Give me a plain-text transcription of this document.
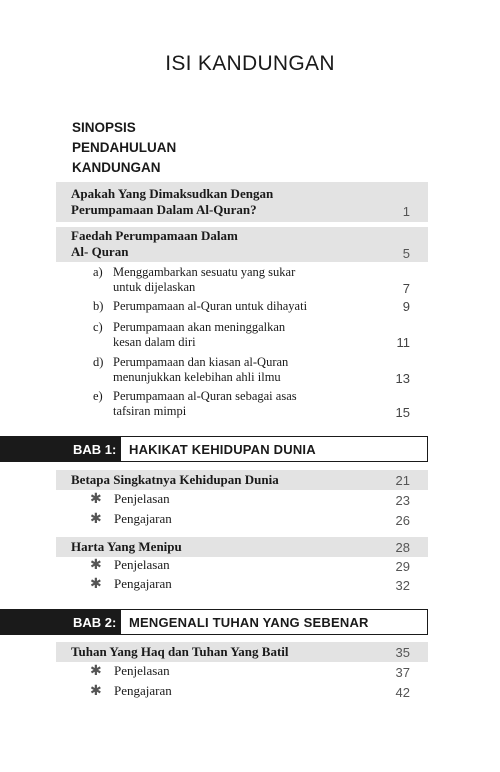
ISI KANDUNGAN
SINOPSIS
PENDAHULUAN
KANDUNGAN
Apakah Yang Dimaksudkan Dengan
Perumpamaan Dalam Al-Quran?	1
Faedah Perumpamaan Dalam
Al- Quran	5
a) Menggambarkan sesuatu yang sukar
untuk dijelaskan	7
b) Perumpamaan al-Quran untuk dihayati	9
c) Perumpamaan akan meninggalkan
kesan dalam diri	11
d) Perumpamaan dan kiasan al-Quran
menunjukkan kelebihan ahli ilmu	13
e) Perumpamaan al-Quran sebagai asas
tafsiran mimpi	15
BAB 1: HAKIKAT KEHIDUPAN DUNIA
Betapa Singkatnya Kehidupan Dunia	21
✱ Penjelasan	23
✱ Pengajaran	26
Harta Yang Menipu	28
✱ Penjelasan	29
✱ Pengajaran	32
BAB 2: MENGENALI TUHAN YANG SEBENAR
Tuhan Yang Haq dan Tuhan Yang Batil	35
✱ Penjelasan	37
✱ Pengajaran	42
